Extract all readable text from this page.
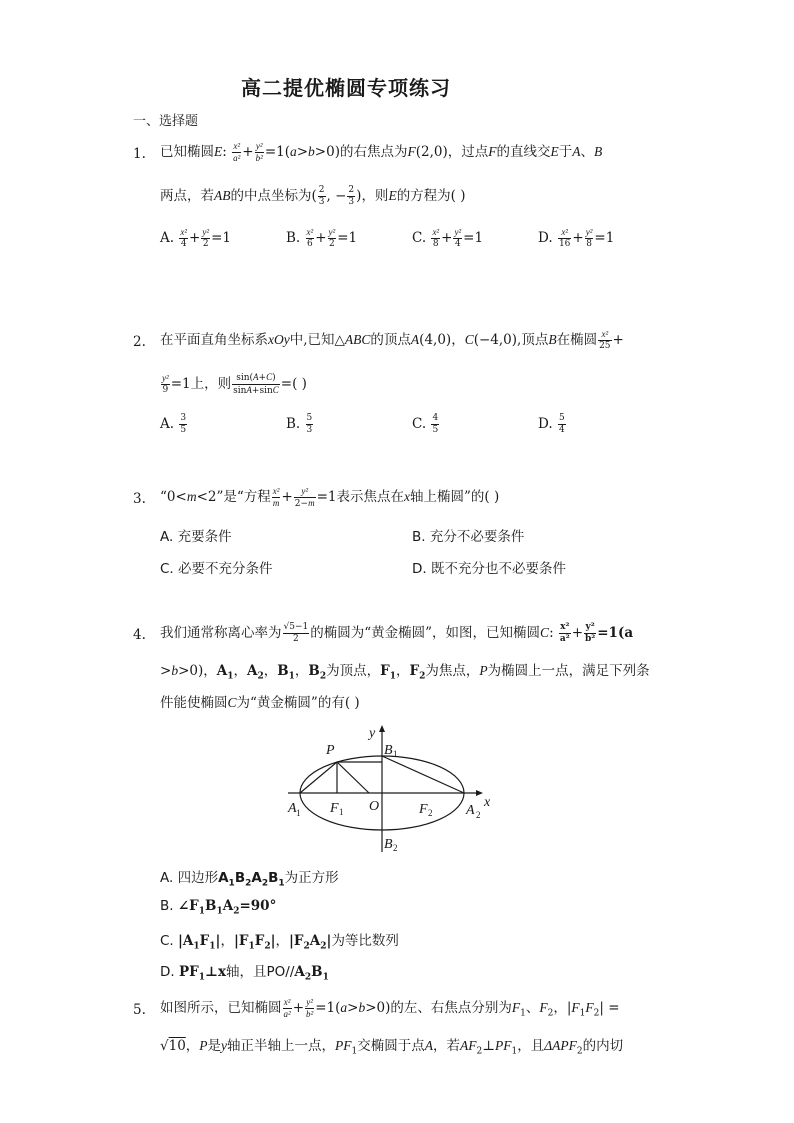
高二提优椭圆专项练习
一、选择题
1. 已知椭圆E: $\frac{\text{x²}}{\text{a²}} + \frac{\text{y²}}{\text{b²}} =1(a>b>0)$的右焦点为F(2,0)，过点F的直线交E于A、B
两点，若AB的中点坐标为( $\frac{2}{3}$ , − $\frac{2}{3}$ )，则E的方程为( )
A. $\frac{\text{x²}}{4} + \frac{\text{y²}}{2} =1$	B. $\frac{\text{x²}}{6} + \frac{\text{y²}}{2} =1$	C. $\frac{\text{x²}}{8} + \frac{\text{y²}}{4} =1$	D. $\frac{\text{x²}}{16} + \frac{\text{y²}}{8} =1$
2. 在平面直角坐标系xOy中,已知△ABC的顶点A(4,0)，C(−4,0),顶点B在椭圆 $\frac{\text{x²}}{25}$ +
$\frac{\text{y²}}{9} =1$上，则 $\frac{\sin(A+C)}{\sin A+\sin C}$ =( )
A. $\frac{3}{5}$	B. $\frac{5}{3}$	C. $\frac{4}{5}$	D. $\frac{5}{4}$
3. “0<m<2”是“方程 $\frac{\text{x²}}{m} + \frac{\text{y²}}{2-m} =1$表示焦点在x轴上椭圆”的( )
A. 充要条件	B. 充分不必要条件
C. 必要不充分条件	D. 既不充分也不必要条件
4. 我们通常称离心率为 $\frac{√5-1}{2}$ 的椭圆为“黄金椭圆”，如图，已知椭圆C: $\frac{\text{x²}}{\text{a²}} + \frac{\text{y²}}{\text{b²}} =1(a$
>b>0)，$A_1$，$A_2$，$B_1$，$B_2$为顶点，$F_1$，$F_2$为焦点，P为椭圆上一点，满足下列条
件能使椭圆C为“黄金椭圆”的有( )
y
x
P
O
A	A
B
B
F	F
1	2
1
2
1	2
A. 四边形$A_1B_2A_2B_1$为正方形
B. $\angle F_1B_1A_2=90^\circ$
C. $|A_1F_1|$，$|F_1F_2|$，$|F_2A_2|$为等比数列
D. $PF_1\perp x$轴，且$PO//A_2B_1$
5. 如图所示，已知椭圆 $\frac{\text{x²}}{\text{a²}} + \frac{\text{y²}}{\text{b²}} =1(a>b>0)$的左、右焦点分别为$F_1$、$F_2$，$|F_1F_2|$ =
√10，P是y轴正半轴上一点，$PF_1$交椭圆于点A，若$AF_2\perp PF_1$，且$\Delta APF_2$的内切
